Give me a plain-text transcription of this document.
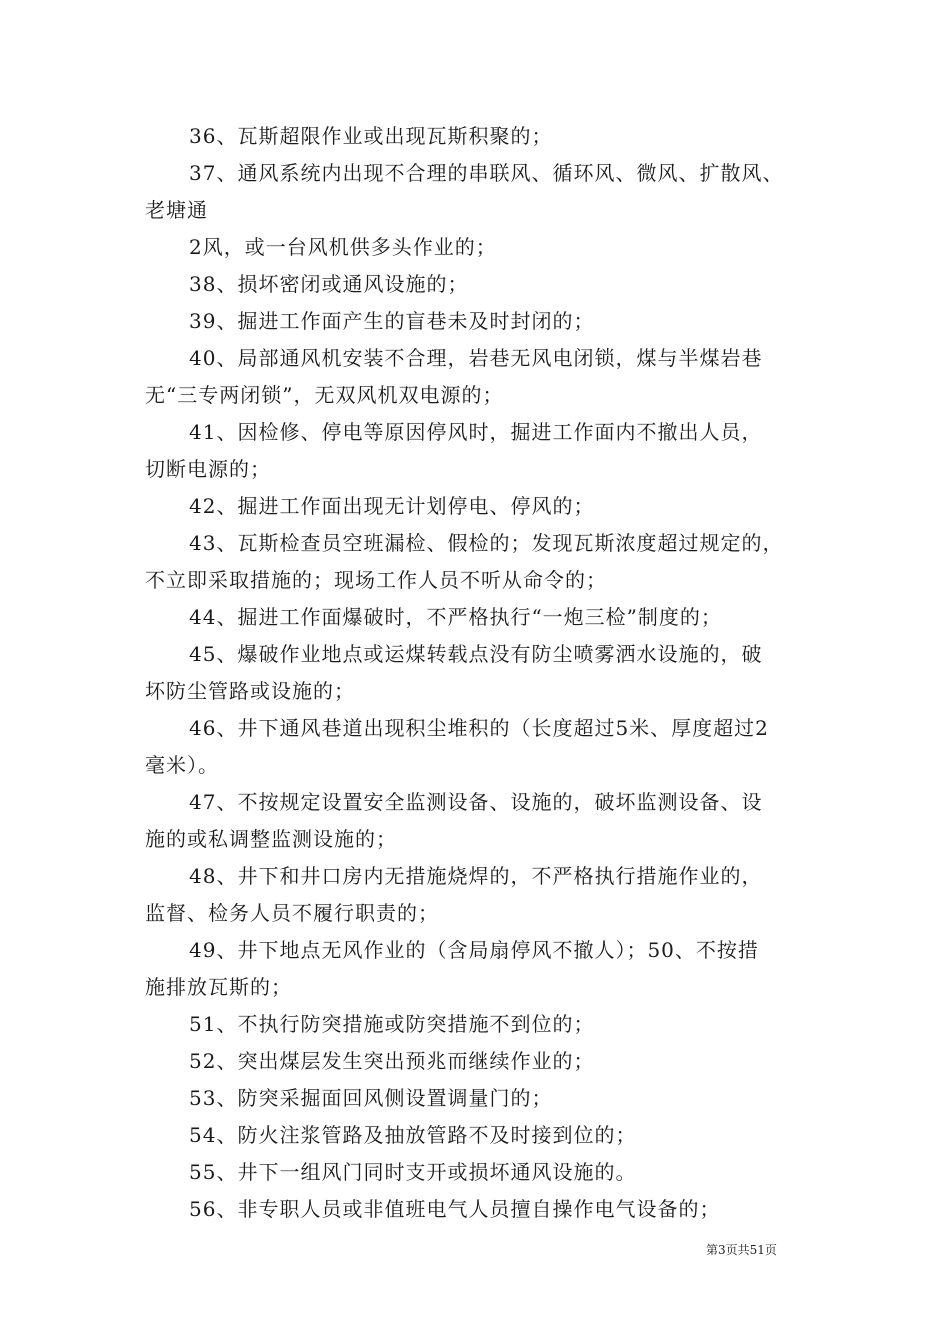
36、瓦斯超限作业或出现瓦斯积聚的；
37、通风系统内出现不合理的串联风、循环风、微风、扩散风、
老塘通
2风，或一台风机供多头作业的；
38、损坏密闭或通风设施的；
39、掘进工作面产生的盲巷未及时封闭的；
40、局部通风机安装不合理，岩巷无风电闭锁，煤与半煤岩巷
无“三专两闭锁”，无双风机双电源的；
41、因检修、停电等原因停风时，掘进工作面内不撤出人员，
切断电源的；
42、掘进工作面出现无计划停电、停风的；
43、瓦斯检查员空班漏检、假检的；发现瓦斯浓度超过规定的，
不立即采取措施的；现场工作人员不听从命令的；
44、掘进工作面爆破时，不严格执行“一炮三检”制度的；
45、爆破作业地点或运煤转载点没有防尘喷雾洒水设施的，破
坏防尘管路或设施的；
46、井下通风巷道出现积尘堆积的（长度超过5米、厚度超过2
毫米）。
47、不按规定设置安全监测设备、设施的，破坏监测设备、设
施的或私调整监测设施的；
48、井下和井口房内无措施烧焊的，不严格执行措施作业的，
监督、检务人员不履行职责的；
49、井下地点无风作业的（含局扇停风不撤人）；50、不按措
施排放瓦斯的；
51、不执行防突措施或防突措施不到位的；
52、突出煤层发生突出预兆而继续作业的；
53、防突采掘面回风侧设置调量门的；
54、防火注浆管路及抽放管路不及时接到位的；
55、井下一组风门同时支开或损坏通风设施的。
56、非专职人员或非值班电气人员擅自操作电气设备的；
第3页共51页
